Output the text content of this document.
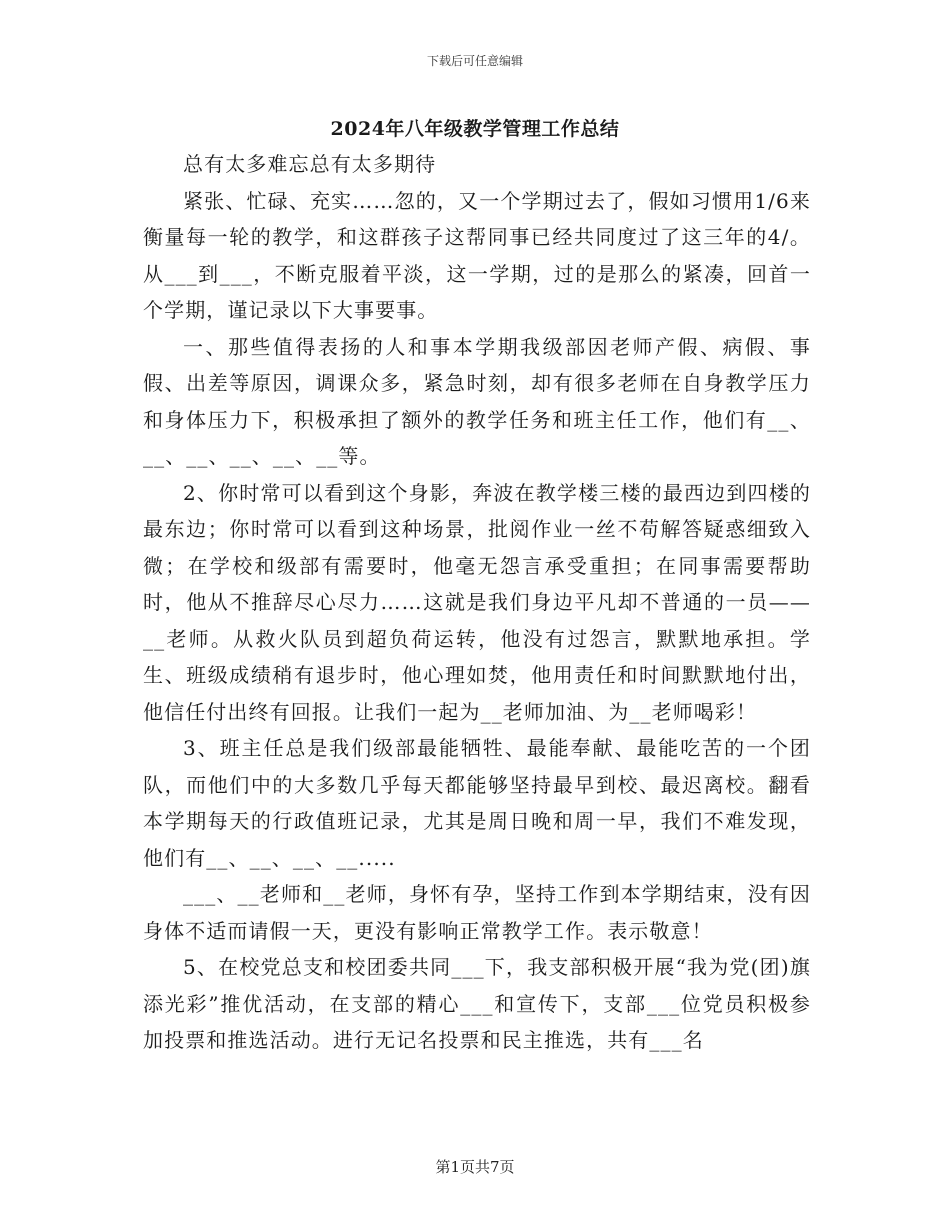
下载后可任意编辑
2024年八年级教学管理工作总结

总有太多难忘总有太多期待

紧张、忙碌、充实……忽的，又一个学期过去了，假如习惯用1/6来衡量每一轮的教学，和这群孩子这帮同事已经共同度过了这三年的4/。从___到___，不断克服着平淡，这一学期，过的是那么的紧凑，回首一个学期，谨记录以下大事要事。

一、那些值得表扬的人和事本学期我级部因老师产假、病假、事假、出差等原因，调课众多，紧急时刻，却有很多老师在自身教学压力和身体压力下，积极承担了额外的教学任务和班主任工作，他们有__、__、__、__、__、__等。

2、你时常可以看到这个身影，奔波在教学楼三楼的最西边到四楼的最东边；你时常可以看到这种场景，批阅作业一丝不苟解答疑惑细致入微；在学校和级部有需要时，他毫无怨言承受重担；在同事需要帮助时，他从不推辞尽心尽力……这就是我们身边平凡却不普通的一员——__老师。从救火队员到超负荷运转，他没有过怨言，默默地承担。学生、班级成绩稍有退步时，他心理如焚，他用责任和时间默默地付出，他信任付出终有回报。让我们一起为__老师加油、为__老师喝彩！

3、班主任总是我们级部最能牺牲、最能奉献、最能吃苦的一个团队，而他们中的大多数几乎每天都能够坚持最早到校、最迟离校。翻看本学期每天的行政值班记录，尤其是周日晚和周一早，我们不难发现，他们有__、__、__、__.....

___、__老师和__老师，身怀有孕，坚持工作到本学期结束，没有因身体不适而请假一天，更没有影响正常教学工作。表示敬意！

5、在校党总支和校团委共同___下，我支部积极开展“我为党(团)旗添光彩”推优活动，在支部的精心___和宣传下，支部___位党员积极参加投票和推选活动。进行无记名投票和民主推选，共有___名

第1页共7页
